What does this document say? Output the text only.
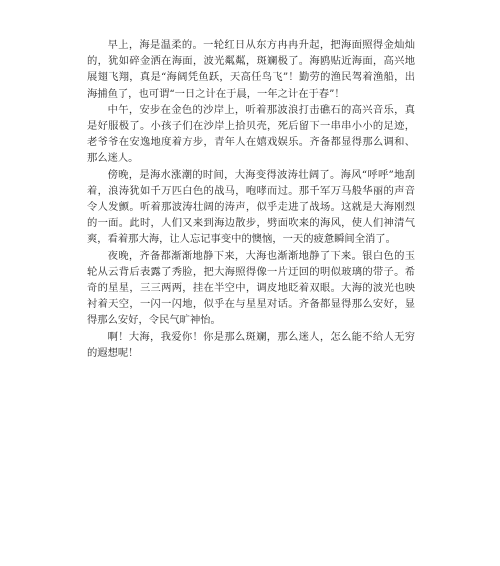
早上，海是温柔的。一轮红日从东方冉冉升起，把海面照得金灿灿的，犹如碎金洒在海面，波光粼粼，斑斓极了。海鸥贴近海面，高兴地展翅飞翔，真是“海阔凭鱼跃，天高任鸟飞”！勤劳的渔民驾着渔船，出海捕鱼了，也可谓“一日之计在于晨，一年之计在于春”！

中午，安步在金色的沙岸上，听着那波浪打击礁石的高兴音乐，真是好服极了。小孩子们在沙岸上拾贝壳，死后留下一串串小小的足迹，老爷爷在安逸地度着方步，青年人在嬉戏娱乐。齐备都显得那么调和、那么迷人。

傍晚，是海水涨潮的时间，大海变得波涛壮阔了。海风“呼呼”地刮着，浪涛犹如千万匹白色的战马，咆哮而过。那千军万马般华丽的声音令人发颤。听着那波涛壮阔的涛声，似乎走进了战场。这就是大海刚烈的一面。此时，人们又来到海边散步，劈面吹来的海风，使人们神清气爽，看着那大海，让人忘记事变中的懊恼，一天的疲惫瞬间全消了。

夜晚，齐备都渐渐地静下来，大海也渐渐地静了下来。银白色的玉轮从云背后表露了秀脸，把大海照得像一片迂回的明似玻璃的带子。希奇的星星，三三两两，挂在半空中，调皮地眨着双眼。大海的波光也映衬着天空，一闪一闪地，似乎在与星星对话。齐备都显得那么安好，显得那么安好，令民气旷神怡。

啊！大海，我爱你！你是那么斑斓，那么迷人，怎么能不给人无穷的遐想呢！
